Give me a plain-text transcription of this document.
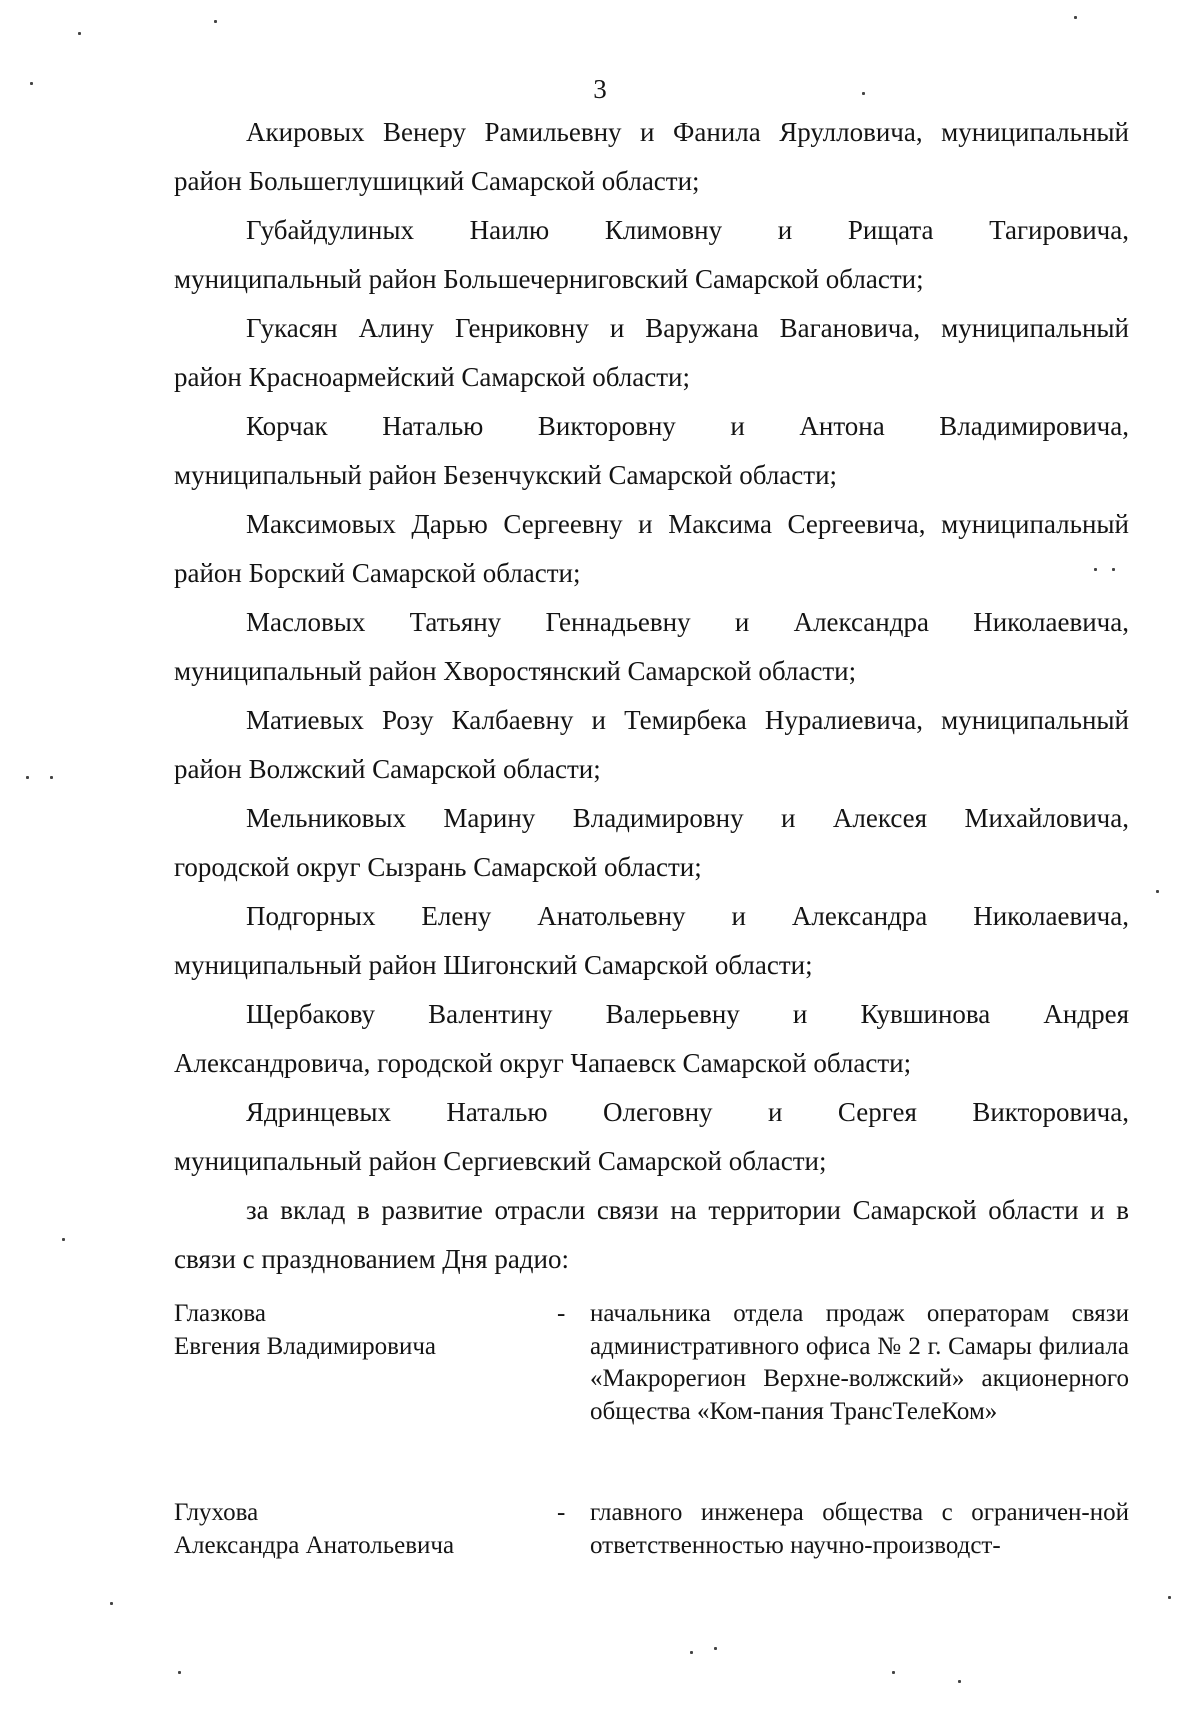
3

Акировых Венеру Рамильевну и Фанила Ярулловича, муниципальный

район Большеглушицкий Самарской области;

Губайдулиных Наилю Климовну и Рищата Тагировича,

муниципальный район Большечерниговский Самарской области;

Гукасян Алину Генриковну и Варужана Вагановича, муниципальный

район Красноармейский Самарской области;

Корчак Наталью Викторовну и Антона Владимировича,

муниципальный район Безенчукский Самарской области;

Максимовых Дарью Сергеевну и Максима Сергеевича, муниципальный

район Борский Самарской области;

Масловых Татьяну Геннадьевну и Александра Николаевича,

муниципальный район Хворостянский Самарской области;

Матиевых Розу Калбаевну и Темирбека Нуралиевича, муниципальный

район Волжский Самарской области;

Мельниковых Марину Владимировну и Алексея Михайловича,

городской округ Сызрань Самарской области;

Подгорных Елену Анатольевну и Александра Николаевича,

муниципальный район Шигонский Самарской области;

Щербакову Валентину Валерьевну и Кувшинова Андрея

Александровича, городской округ Чапаевск Самарской области;

Ядринцевых Наталью Олеговну и Сергея Викторовича,

муниципальный район Сергиевский Самарской области;

за вклад в развитие отрасли связи на территории Самарской области и в

связи с празднованием Дня радио:

Глазкова
Евгения Владимировича
- начальника отдела продаж операторам связи административного офиса № 2 г. Самары филиала «Макрорегион Верхне-волжский» акционерного общества «Ком-пания ТрансТелеКом»
Глухова
Александра Анатольевича
- главного инженера общества с ограничен-ной ответственностью научно-производст-
